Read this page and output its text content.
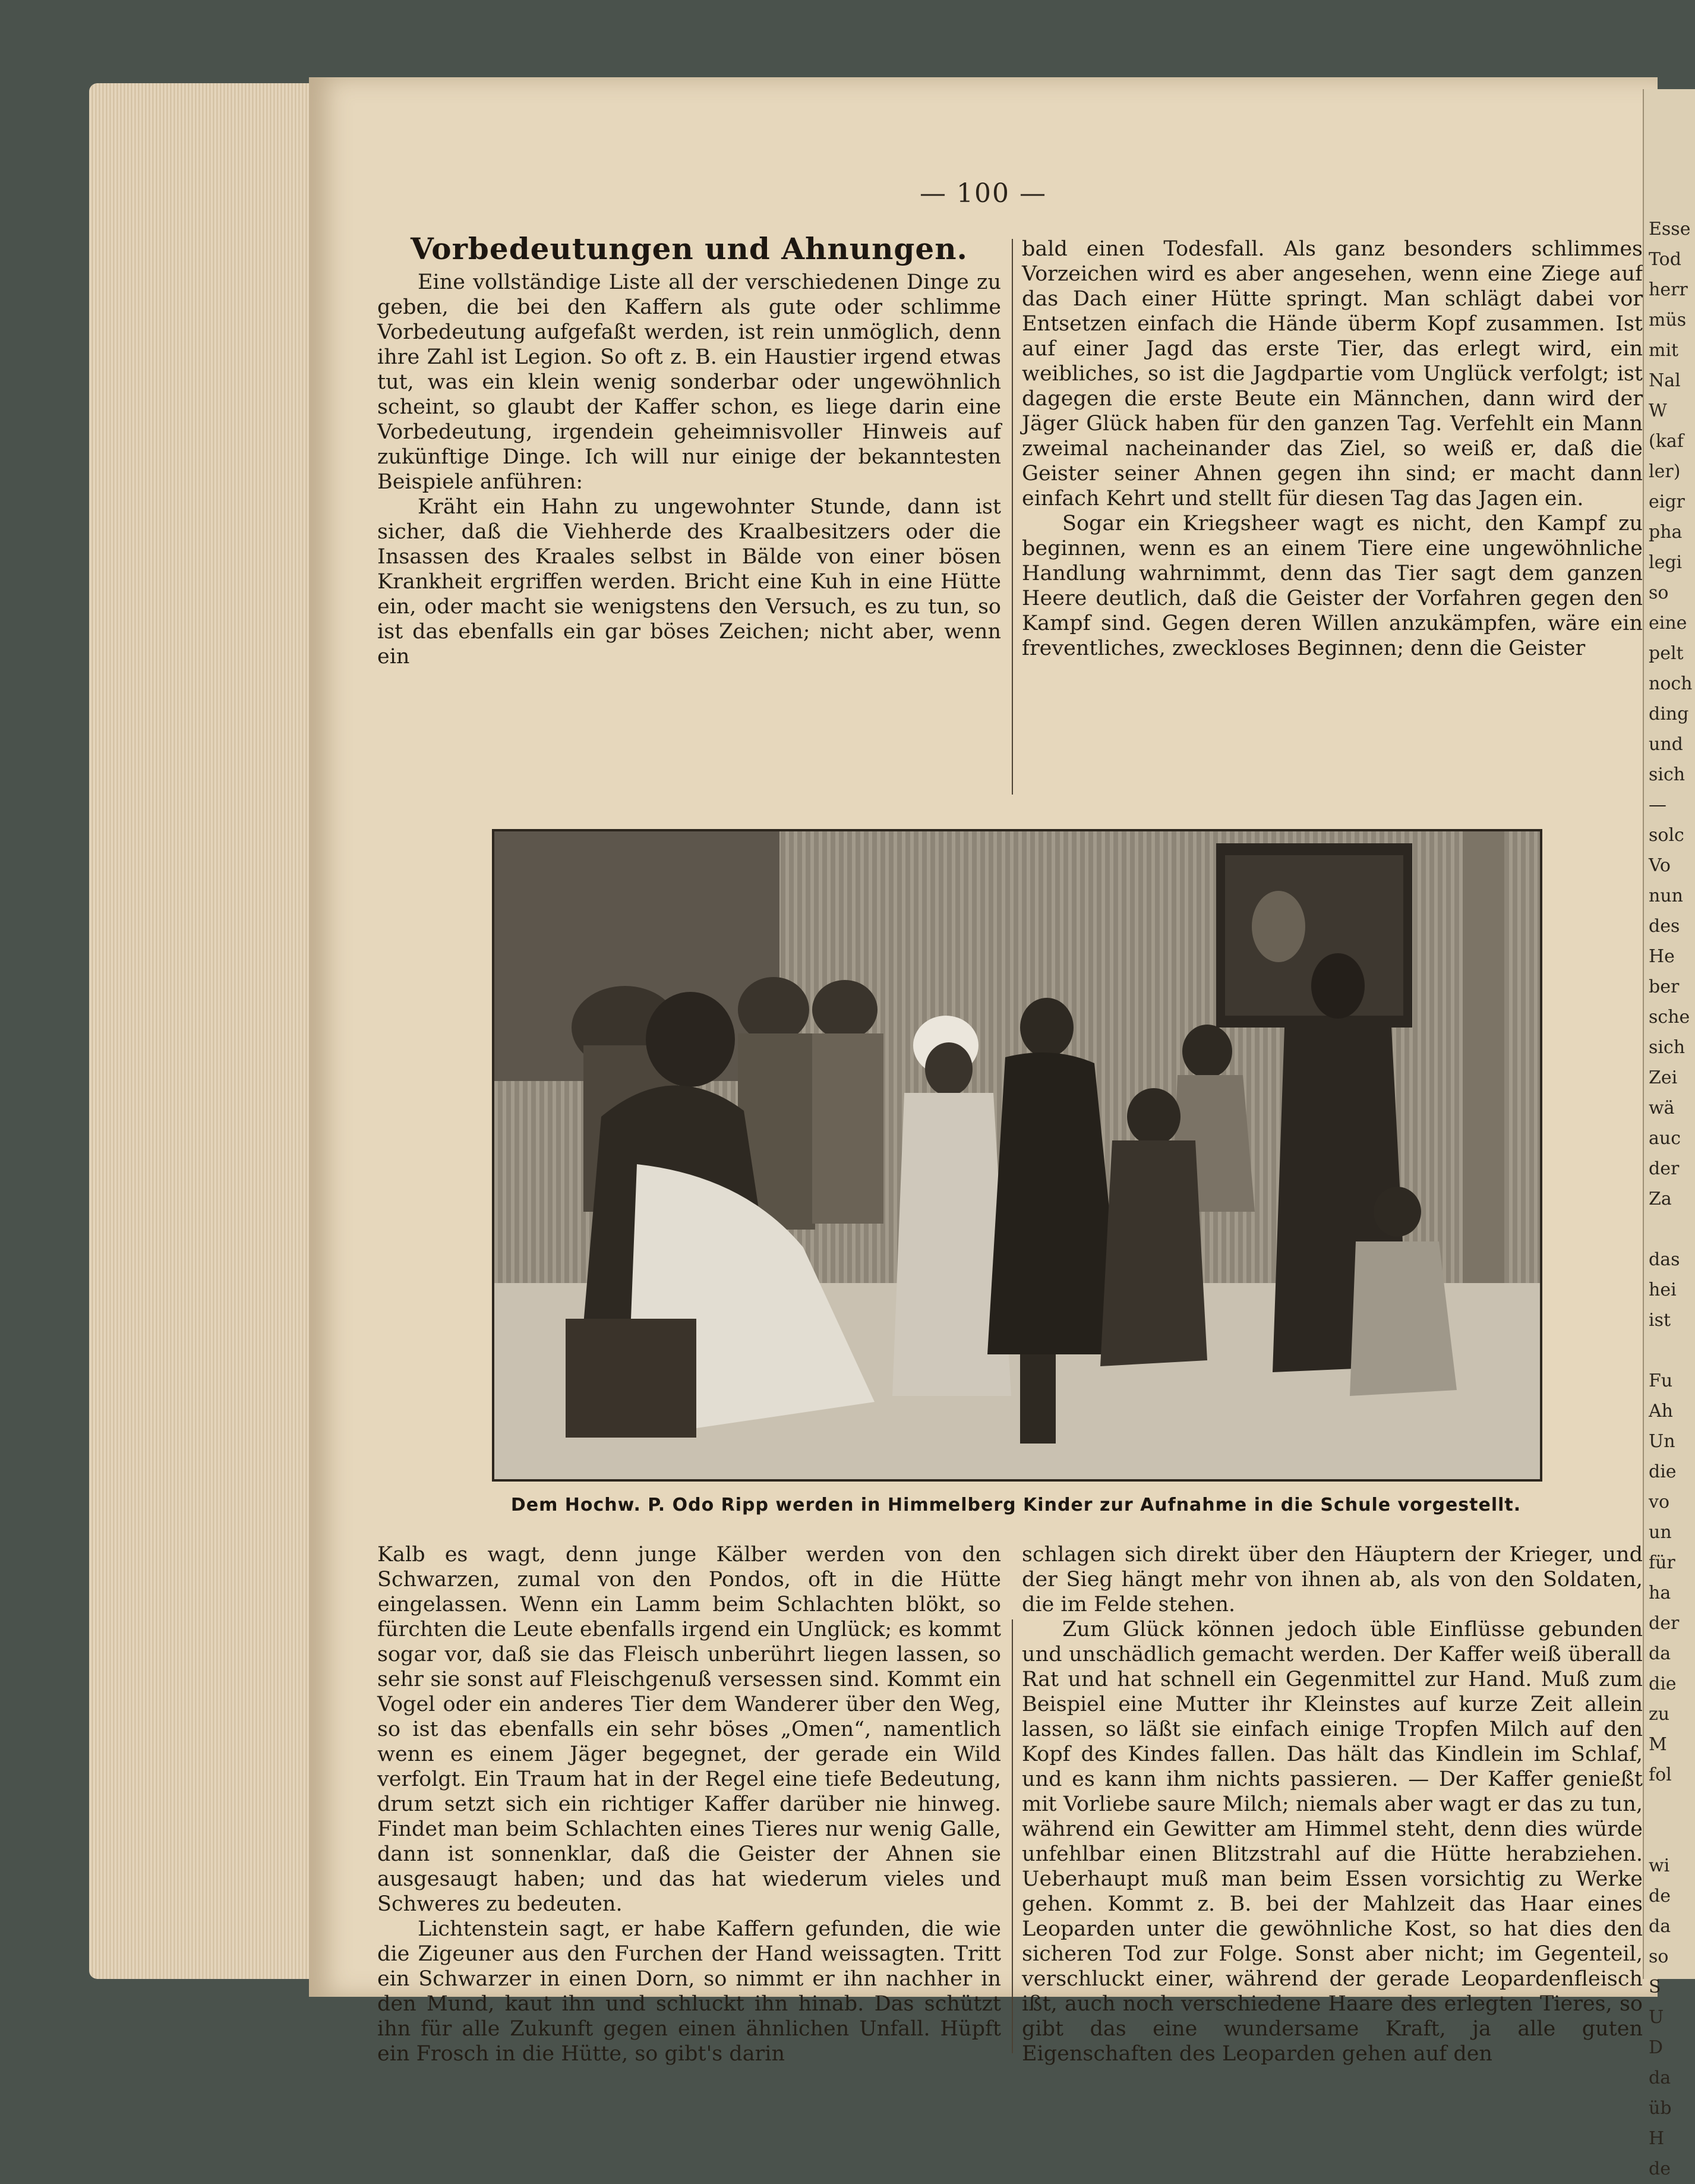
— 100 —
Vorbedeutungen und Ahnungen.

Eine vollständige Liste all der verschiedenen Dinge zu geben, die bei den Kaffern als gute oder schlimme Vorbedeutung aufgefaßt werden, ist rein unmöglich, denn ihre Zahl ist Legion. So oft z. B. ein Haustier irgend etwas tut, was ein klein wenig sonderbar oder ungewöhnlich scheint, so glaubt der Kaffer schon, es liege darin eine Vorbedeutung, irgendein geheimnisvoller Hinweis auf zukünftige Dinge. Ich will nur einige der bekanntesten Beispiele anführen:

Kräht ein Hahn zu ungewohnter Stunde, dann ist sicher, daß die Viehherde des Kraalbesitzers oder die Insassen des Kraales selbst in Bälde von einer bösen Krankheit ergriffen werden. Bricht eine Kuh in eine Hütte ein, oder macht sie wenigstens den Versuch, es zu tun, so ist das ebenfalls ein gar böses Zeichen; nicht aber, wenn ein

bald einen Todesfall. Als ganz besonders schlimmes Vorzeichen wird es aber angesehen, wenn eine Ziege auf das Dach einer Hütte springt. Man schlägt dabei vor Entsetzen einfach die Hände überm Kopf zusammen. Ist auf einer Jagd das erste Tier, das erlegt wird, ein weibliches, so ist die Jagdpartie vom Unglück verfolgt; ist dagegen die erste Beute ein Männchen, dann wird der Jäger Glück haben für den ganzen Tag. Verfehlt ein Mann zweimal nacheinander das Ziel, so weiß er, daß die Geister seiner Ahnen gegen ihn sind; er macht dann einfach Kehrt und stellt für diesen Tag das Jagen ein.

Sogar ein Kriegsheer wagt es nicht, den Kampf zu beginnen, wenn es an einem Tiere eine ungewöhnliche Handlung wahrnimmt, denn das Tier sagt dem ganzen Heere deutlich, daß die Geister der Vorfahren gegen den Kampf sind. Gegen deren Willen anzukämpfen, wäre ein freventliches, zweckloses Beginnen; denn die Geister

Dem Hochw. P. Odo Ripp werden in Himmelberg Kinder zur Aufnahme in die Schule vorgestellt.

Kalb es wagt, denn junge Kälber werden von den Schwarzen, zumal von den Pondos, oft in die Hütte eingelassen. Wenn ein Lamm beim Schlachten blökt, so fürchten die Leute ebenfalls irgend ein Unglück; es kommt sogar vor, daß sie das Fleisch unberührt liegen lassen, so sehr sie sonst auf Fleischgenuß versessen sind. Kommt ein Vogel oder ein anderes Tier dem Wanderer über den Weg, so ist das ebenfalls ein sehr böses „Omen“, namentlich wenn es einem Jäger begegnet, der gerade ein Wild verfolgt. Ein Traum hat in der Regel eine tiefe Bedeutung, drum setzt sich ein richtiger Kaffer darüber nie hinweg. Findet man beim Schlachten eines Tieres nur wenig Galle, dann ist sonnenklar, daß die Geister der Ahnen sie ausgesaugt haben; und das hat wiederum vieles und Schweres zu bedeuten.

Lichtenstein sagt, er habe Kaffern gefunden, die wie die Zigeuner aus den Furchen der Hand weissagten. Tritt ein Schwarzer in einen Dorn, so nimmt er ihn nachher in den Mund, kaut ihn und schluckt ihn hinab. Das schützt ihn für alle Zukunft gegen einen ähnlichen Unfall. Hüpft ein Frosch in die Hütte, so gibt's darin

schlagen sich direkt über den Häuptern der Krieger, und der Sieg hängt mehr von ihnen ab, als von den Soldaten, die im Felde stehen.

Zum Glück können jedoch üble Einflüsse gebunden und unschädlich gemacht werden. Der Kaffer weiß überall Rat und hat schnell ein Gegenmittel zur Hand. Muß zum Beispiel eine Mutter ihr Kleinstes auf kurze Zeit allein lassen, so läßt sie einfach einige Tropfen Milch auf den Kopf des Kindes fallen. Das hält das Kindlein im Schlaf, und es kann ihm nichts passieren. — Der Kaffer genießt mit Vorliebe saure Milch; niemals aber wagt er das zu tun, während ein Gewitter am Himmel steht, denn dies würde unfehlbar einen Blitzstrahl auf die Hütte herabziehen. Ueberhaupt muß man beim Essen vorsichtig zu Werke gehen. Kommt z. B. bei der Mahlzeit das Haar eines Leoparden unter die gewöhnliche Kost, so hat dies den sicheren Tod zur Folge. Sonst aber nicht; im Gegenteil, verschluckt einer, während der gerade Leopardenfleisch ißt, auch noch verschiedene Haare des erlegten Tieres, so gibt das eine wundersame Kraft, ja alle guten Eigenschaften des Leoparden gehen auf den

Esse
Tod
herr
müs
mit
Nal
W
(kaf
ler)
eigr
pha
legi
so
eine
pelt
noch
ding
und
sich
—
solc
Vo
nun
des
He
ber
sche
sich
Zei
wä
auc
der
Za

das
hei
ist

Fu
Ah
Un
die
vo
un
für
ha
der
da
die
zu
M
fol

wi
de
da
so
S
U
D
da
üb
H
de
